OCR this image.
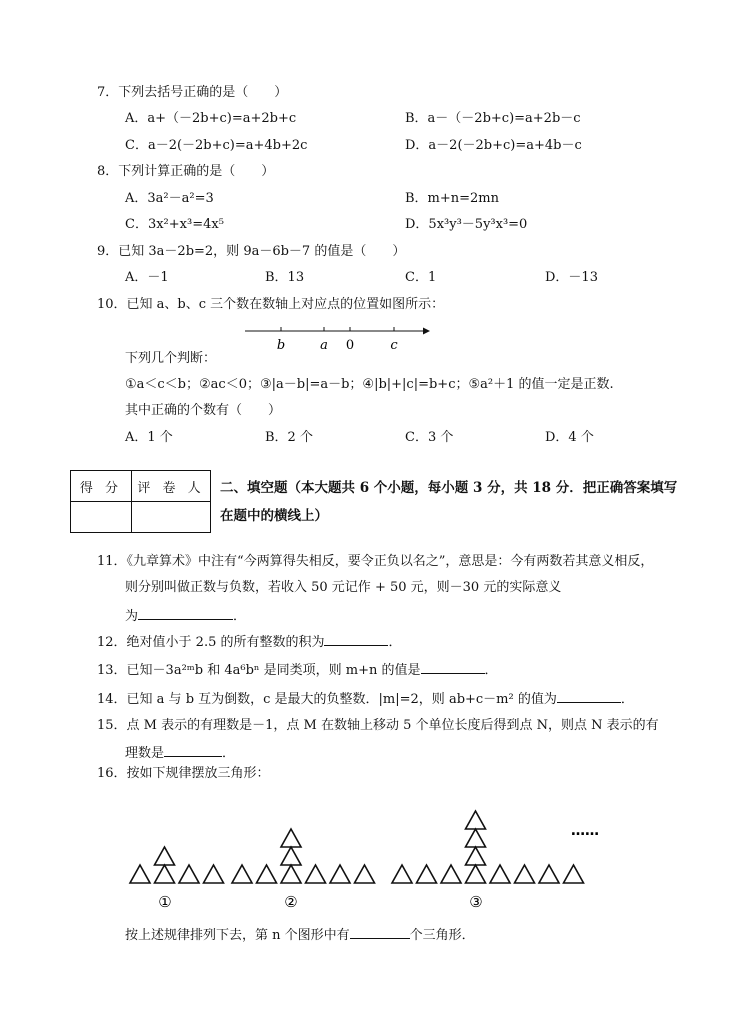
7．下列去括号正确的是（　　）
A．a+（－2b+c)=a+2b+c	B．a－（－2b+c)=a+2b－c
C．a－2(－2b+c)=a+4b+2c	D．a－2(－2b+c)=a+4b－c
8．下列计算正确的是（　　）
A．3a²－a²=3	B．m+n=2mn
C．3x²+x³=4x⁵	D．5x³y³－5y³x³=0
9．已知 3a－2b=2，则 9a－6b－7 的值是（　　）
A．－1	B．13	C．1	D．－13
10．已知 a、b、c 三个数在数轴上对应点的位置如图所示：
b	a 0	c
下列几个判断：
①a＜c＜b；②ac＜0；③|a－b|=a－b；④|b|+|c|=b+c；⑤a²＋1 的值一定是正数.
其中正确的个数有（　　）
A．1 个	B．2 个	C．3 个	D．4 个
得 分	评 卷 人
	二、填空题（本大题共 6 个小题，每小题 3 分，共 18 分．把正确答案填写在题中的横线上）
11．《九章算术》中注有“今两算得失相反，要令正负以名之”，意思是：今有两数若其意义相反，
则分别叫做正数与负数，若收入 50 元记作 + 50 元，则－30 元的实际意义
为	．
12．绝对值小于 2.5 的所有整数的积为	．
13．已知－3a²ᵐb 和 4a⁶bⁿ 是同类项，则 m+n 的值是	．
14．已知 a 与 b 互为倒数，c 是最大的负整数．|m|=2，则 ab+c－m² 的值为	．
15．点 M 表示的有理数是－1，点 M 在数轴上移动 5 个单位长度后得到点 N，则点 N 表示的有
理数是	．
16．按如下规律摆放三角形：
①	②	③
……
按上述规律排列下去，第 n 个图形中有	个三角形．
